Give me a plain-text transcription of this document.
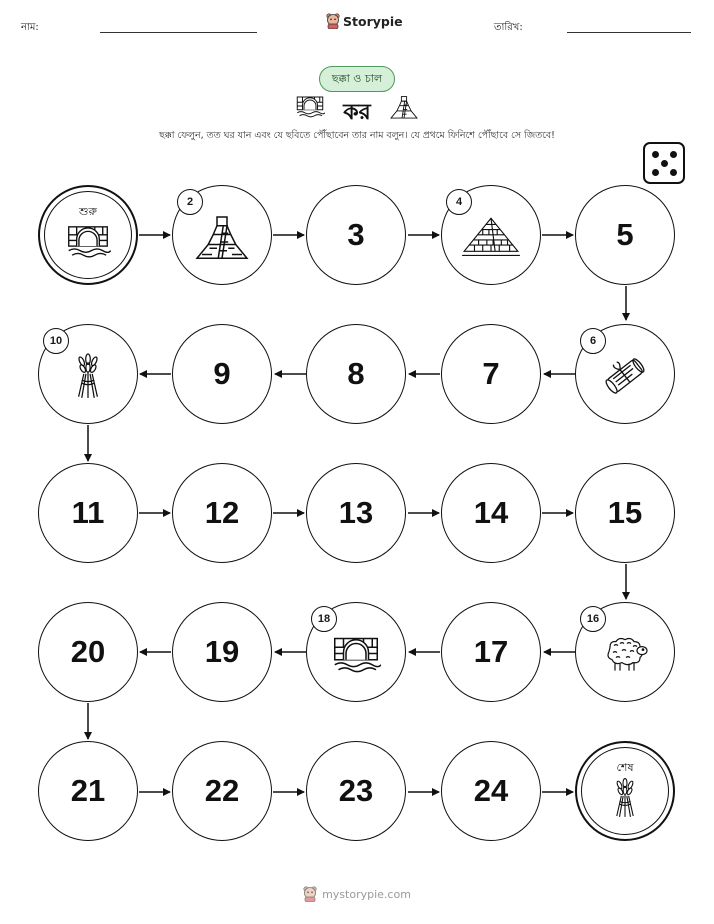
নাম:	Storypie	তারিখ:
ছক্কা ও চাল
কর
ছক্কা ফেলুন, তত ঘর যান এবং যে ছবিতে পৌঁছাবেন তার নাম বলুন। যে প্রথমে ফিনিশে পৌঁছাবে সে জিতবে!
শুরু
2
3
4
5
6
7
8
9
10
11	12	13	14	15
16
17
18
19
20
21	22	23	24
শেষ
mystorypie.com
